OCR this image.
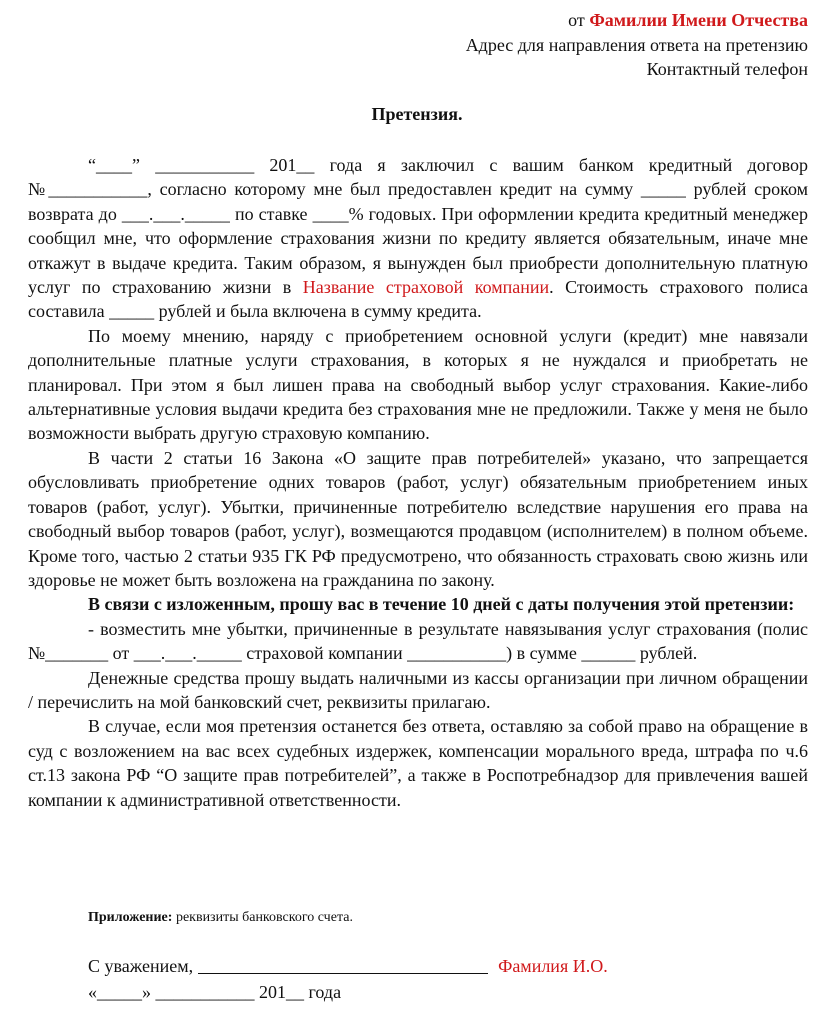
от Фамилии Имени Отчества
Адрес для направления ответа на претензию
Контактный телефон
Претензия.

“____” ___________ 201__ года я заключил с вашим банком кредитный договор №___________, согласно которому мне был предоставлен кредит на сумму _____ рублей сроком возврата до ___.___._____ по ставке ____% годовых. При оформлении кредита кредитный менеджер сообщил мне, что оформление страхования жизни по кредиту является обязательным, иначе мне откажут в выдаче кредита. Таким образом, я вынужден был приобрести дополнительную платную услуг по страхованию жизни в Название страховой компании. Стоимость страхового полиса составила _____ рублей и была включена в сумму кредита.

По моему мнению, наряду с приобретением основной услуги (кредит) мне навязали дополнительные платные услуги страхования, в которых я не нуждался и приобретать не планировал. При этом я был лишен права на свободный выбор услуг страхования. Какие-либо альтернативные условия выдачи кредита без страхования мне не предложили. Также у меня не было возможности выбрать другую страховую компанию.

В части 2 статьи 16 Закона «О защите прав потребителей» указано, что запрещается обусловливать приобретение одних товаров (работ, услуг) обязательным приобретением иных товаров (работ, услуг). Убытки, причиненные потребителю вследствие нарушения его права на свободный выбор товаров (работ, услуг), возмещаются продавцом (исполнителем) в полном объеме. Кроме того, частью 2 статьи 935 ГК РФ предусмотрено, что обязанность страховать свою жизнь или здоровье не может быть возложена на гражданина по закону.

В связи с изложенным, прошу вас в течение 10 дней с даты получения этой претензии:

- возместить мне убытки, причиненные в результате навязывания услуг страхования (полис №_______ от ___.___._____ страховой компании ___________) в сумме ______ рублей.

Денежные средства прошу выдать наличными из кассы организации при личном обращении / перечислить на мой банковский счет, реквизиты прилагаю.

В случае, если моя претензия останется без ответа, оставляю за собой право на обращение в суд с возложением на вас всех судебных издержек, компенсации морального вреда, штрафа по ч.6 ст.13 закона РФ “О защите прав потребителей”, а также в Роспотребнадзор для привлечения вашей компании к административной ответственности.

Приложение: реквизиты банковского счета.
С уважением,	Фамилия И.О.
«_____» ___________ 201__ года
